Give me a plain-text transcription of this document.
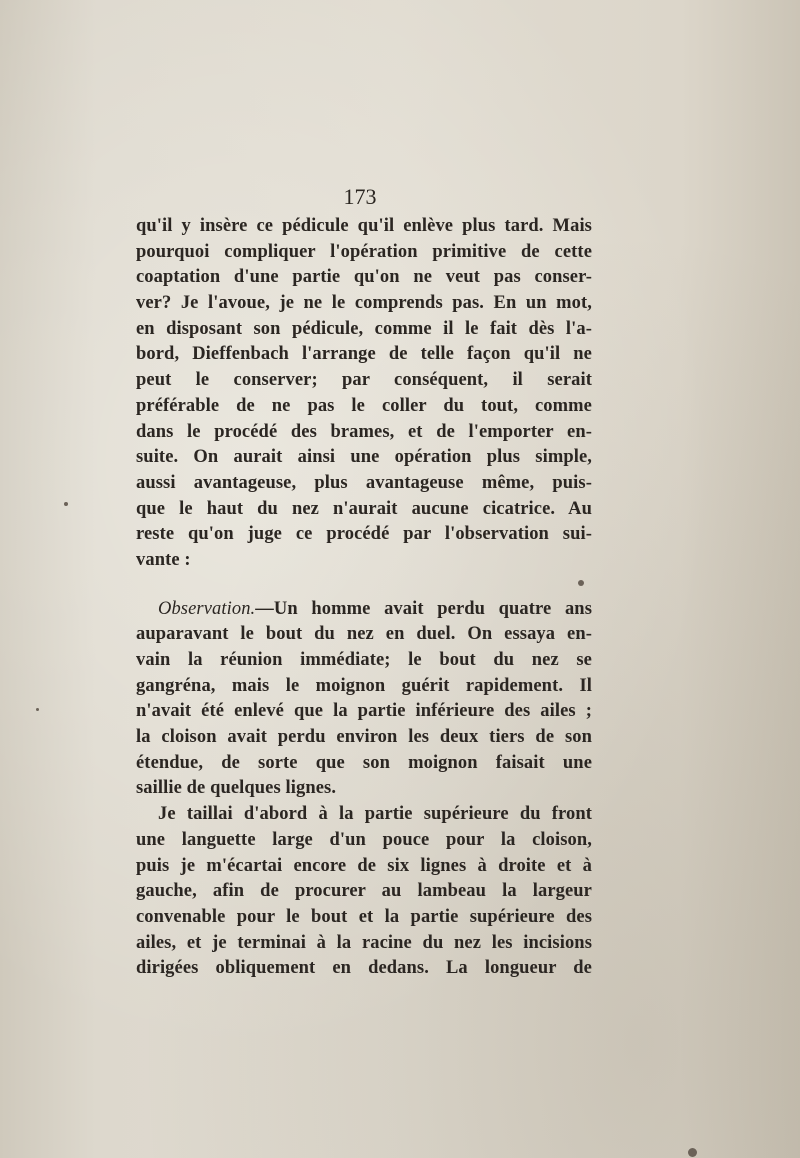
173
qu'il y insère ce pédicule qu'il enlève plus tard. Mais
pourquoi compliquer l'opération primitive de cette
coaptation d'une partie qu'on ne veut pas conser-
ver? Je l'avoue, je ne le comprends pas. En un mot,
en disposant son pédicule, comme il le fait dès l'a-
bord, Dieffenbach l'arrange de telle façon qu'il ne
peut le conserver; par conséquent, il serait
préférable de ne pas le coller du tout, comme
dans le procédé des brames, et de l'emporter en-
suite. On aurait ainsi une opération plus simple,
aussi avantageuse, plus avantageuse même, puis-
que le haut du nez n'aurait aucune cicatrice. Au
reste qu'on juge ce procédé par l'observation sui-
vante :
Observation.—Un homme avait perdu quatre ans
auparavant le bout du nez en duel. On essaya en-
vain la réunion immédiate; le bout du nez se
gangréna, mais le moignon guérit rapidement. Il
n'avait été enlevé que la partie inférieure des ailes ;
la cloison avait perdu environ les deux tiers de son
étendue, de sorte que son moignon faisait une
saillie de quelques lignes.
Je taillai d'abord à la partie supérieure du front
une languette large d'un pouce pour la cloison,
puis je m'écartai encore de six lignes à droite et à
gauche, afin de procurer au lambeau la largeur
convenable pour le bout et la partie supérieure des
ailes, et je terminai à la racine du nez les incisions
dirigées obliquement en dedans. La longueur de
